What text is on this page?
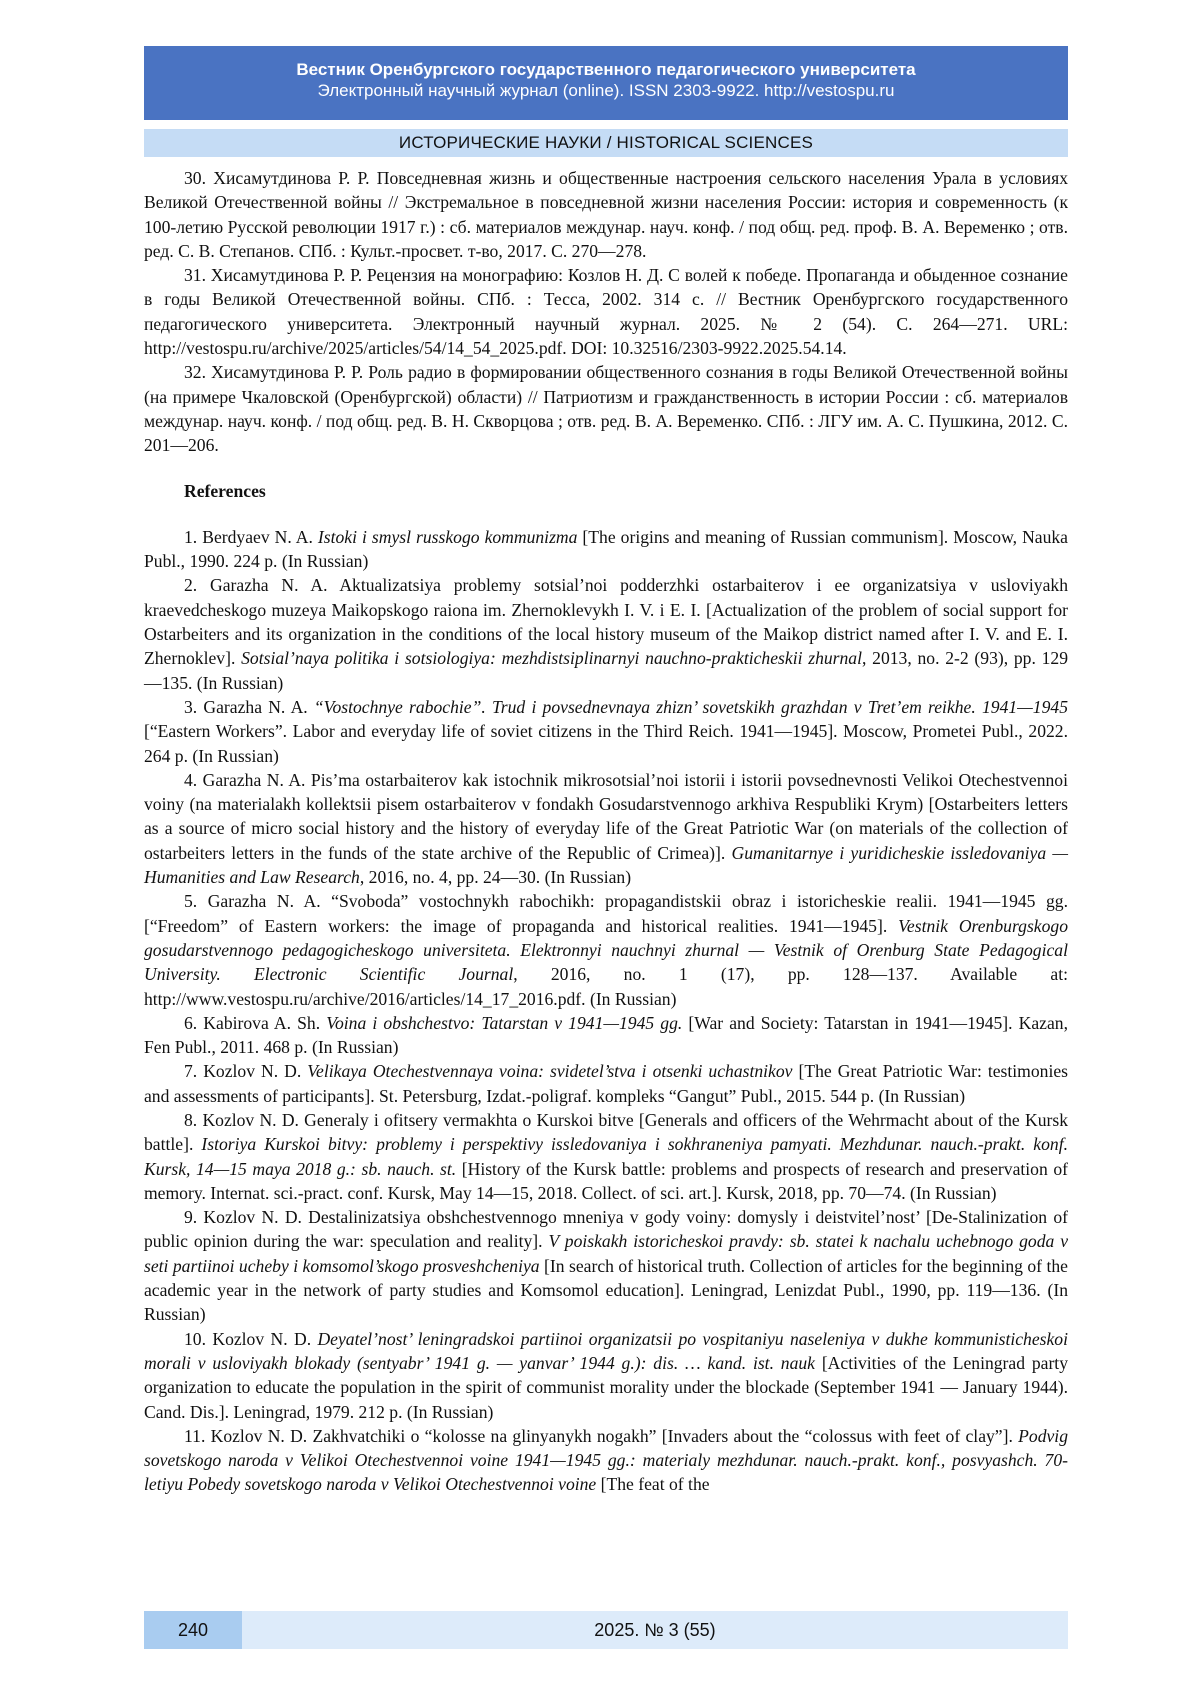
Вестник Оренбургского государственного педагогического университета
Электронный научный журнал (online). ISSN 2303-9922. http://vestospu.ru
ИСТОРИЧЕСКИЕ НАУКИ / HISTORICAL SCIENCES

30. Хисамутдинова Р. Р. Повседневная жизнь и общественные настроения сельского населения Урала в условиях Великой Отечественной войны // Экстремальное в повседневной жизни населения России: история и современность (к 100-летию Русской революции 1917 г.) : сб. материалов междунар. науч. конф. / под общ. ред. проф. В. А. Веременко ; отв. ред. С. В. Степанов. СПб. : Культ.-просвет. т-во, 2017. С. 270—278.

31. Хисамутдинова Р. Р. Рецензия на монографию: Козлов Н. Д. С волей к победе. Пропаганда и обыденное сознание в годы Великой Отечественной войны. СПб. : Тесса, 2002. 314 с. // Вестник Оренбургского государственного педагогического университета. Электронный научный журнал. 2025. № 2 (54). С. 264—271. URL: http://vestospu.ru/archive/2025/articles/54/14_54_2025.pdf. DOI: 10.32516/2303-9922.2025.54.14.

32. Хисамутдинова Р. Р. Роль радио в формировании общественного сознания в годы Великой Отечественной войны (на примере Чкаловской (Оренбургской) области) // Патриотизм и гражданственность в истории России : сб. материалов междунар. науч. конф. / под общ. ред. В. Н. Скворцова ; отв. ред. В. А. Веременко. СПб. : ЛГУ им. А. С. Пушкина, 2012. С. 201—206.

References

1. Berdyaev N. A. Istoki i smysl russkogo kommunizma [The origins and meaning of Russian communism]. Moscow, Nauka Publ., 1990. 224 p. (In Russian)

2. Garazha N. A. Aktualizatsiya problemy sotsial’noi podderzhki ostarbaiterov i ee organizatsiya v usloviyakh kraevedcheskogo muzeya Maikopskogo raiona im. Zhernoklevykh I. V. i E. I. [Actualization of the problem of social support for Ostarbeiters and its organization in the conditions of the local history museum of the Maikop district named after I. V. and E. I. Zhernoklev]. Sotsial’naya politika i sotsiologiya: mezhdistsiplinarnyi nauchno-prakticheskii zhurnal, 2013, no. 2-2 (93), pp. 129—135. (In Russian)

3. Garazha N. A. “Vostochnye rabochie”. Trud i povsednevnaya zhizn’ sovetskikh grazhdan v Tret’em reikhe. 1941—1945 [“Eastern Workers”. Labor and everyday life of soviet citizens in the Third Reich. 1941—1945]. Moscow, Prometei Publ., 2022. 264 p. (In Russian)

4. Garazha N. A. Pis’ma ostarbaiterov kak istochnik mikrosotsial’noi istorii i istorii povsednevnosti Velikoi Otechestvennoi voiny (na materialakh kollektsii pisem ostarbaiterov v fondakh Gosudarstvennogo arkhiva Respubliki Krym) [Ostarbeiters letters as a source of micro social history and the history of everyday life of the Great Patriotic War (on materials of the collection of ostarbeiters letters in the funds of the state archive of the Republic of Crimea)]. Gumanitarnye i yuridicheskie issledovaniya — Humanities and Law Research, 2016, no. 4, pp. 24—30. (In Russian)

5. Garazha N. A. “Svoboda” vostochnykh rabochikh: propagandistskii obraz i istoricheskie realii. 1941—1945 gg. [“Freedom” of Eastern workers: the image of propaganda and historical realities. 1941—1945]. Vestnik Orenburgskogo gosudarstvennogo pedagogicheskogo universiteta. Elektronnyi nauchnyi zhurnal — Vestnik of Orenburg State Pedagogical University. Electronic Scientific Journal, 2016, no. 1 (17), pp. 128—137. Available at: http://www.vestospu.ru/archive/2016/articles/14_17_2016.pdf. (In Russian)

6. Kabirova A. Sh. Voina i obshchestvo: Tatarstan v 1941—1945 gg. [War and Society: Tatarstan in 1941—1945]. Kazan, Fen Publ., 2011. 468 p. (In Russian)

7. Kozlov N. D. Velikaya Otechestvennaya voina: svidetel’stva i otsenki uchastnikov [The Great Patriotic War: testimonies and assessments of participants]. St. Petersburg, Izdat.-poligraf. kompleks “Gangut” Publ., 2015. 544 p. (In Russian)

8. Kozlov N. D. Generaly i ofitsery vermakhta o Kurskoi bitve [Generals and officers of the Wehrmacht about of the Kursk battle]. Istoriya Kurskoi bitvy: problemy i perspektivy issledovaniya i sokhraneniya pamyati. Mezhdunar. nauch.-prakt. konf. Kursk, 14—15 maya 2018 g.: sb. nauch. st. [History of the Kursk battle: problems and prospects of research and preservation of memory. Internat. sci.-pract. conf. Kursk, May 14—15, 2018. Collect. of sci. art.]. Kursk, 2018, pp. 70—74. (In Russian)

9. Kozlov N. D. Destalinizatsiya obshchestvennogo mneniya v gody voiny: domysly i deistvitel’nost’ [De-Stalinization of public opinion during the war: speculation and reality]. V poiskakh istoricheskoi pravdy: sb. statei k nachalu uchebnogo goda v seti partiinoi ucheby i komsomol’skogo prosveshcheniya [In search of historical truth. Collection of articles for the beginning of the academic year in the network of party studies and Komsomol education]. Leningrad, Lenizdat Publ., 1990, pp. 119—136. (In Russian)

10. Kozlov N. D. Deyatel’nost’ leningradskoi partiinoi organizatsii po vospitaniyu naseleniya v dukhe kommunisticheskoi morali v usloviyakh blokady (sentyabr’ 1941 g. — yanvar’ 1944 g.): dis. … kand. ist. nauk [Activities of the Leningrad party organization to educate the population in the spirit of communist morality under the blockade (September 1941 — January 1944). Cand. Dis.]. Leningrad, 1979. 212 p. (In Russian)

11. Kozlov N. D. Zakhvatchiki o “kolosse na glinyanykh nogakh” [Invaders about the “colossus with feet of clay”]. Podvig sovetskogo naroda v Velikoi Otechestvennoi voine 1941—1945 gg.: materialy mezhdunar. nauch.-prakt. konf., posvyashch. 70-letiyu Pobedy sovetskogo naroda v Velikoi Otechestvennoi voine [The feat of the

240	2025. № 3 (55)
